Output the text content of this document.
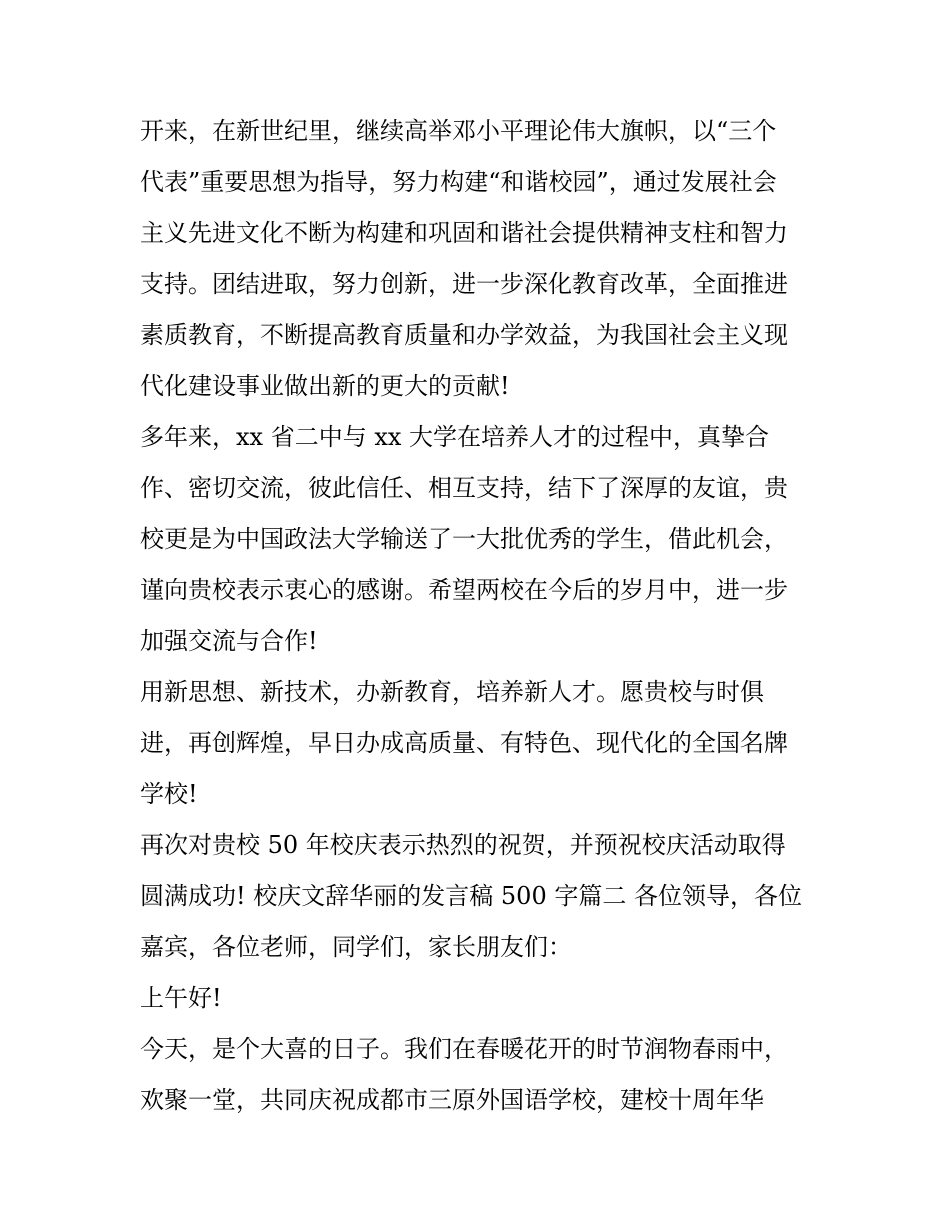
开来，在新世纪里，继续高举邓小平理论伟大旗帜，以“三个
代表”重要思想为指导，努力构建“和谐校园”，通过发展社会
主义先进文化不断为构建和巩固和谐社会提供精神支柱和智力
支持。团结进取，努力创新，进一步深化教育改革，全面推进
素质教育，不断提高教育质量和办学效益，为我国社会主义现
代化建设事业做出新的更大的贡献!
多年来，xx 省二中与 xx 大学在培养人才的过程中，真挚合
作、密切交流，彼此信任、相互支持，结下了深厚的友谊，贵
校更是为中国政法大学输送了一大批优秀的学生，借此机会，
谨向贵校表示衷心的感谢。希望两校在今后的岁月中，进一步
加强交流与合作!
用新思想、新技术，办新教育，培养新人才。愿贵校与时俱
进，再创辉煌，早日办成高质量、有特色、现代化的全国名牌
学校!
再次对贵校 50 年校庆表示热烈的祝贺，并预祝校庆活动取得
圆满成功! 校庆文辞华丽的发言稿 500 字篇二 各位领导，各位
嘉宾，各位老师，同学们，家长朋友们：
上午好!
今天，是个大喜的日子。我们在春暖花开的时节润物春雨中，
欢聚一堂，共同庆祝成都市三原外国语学校，建校十周年华
